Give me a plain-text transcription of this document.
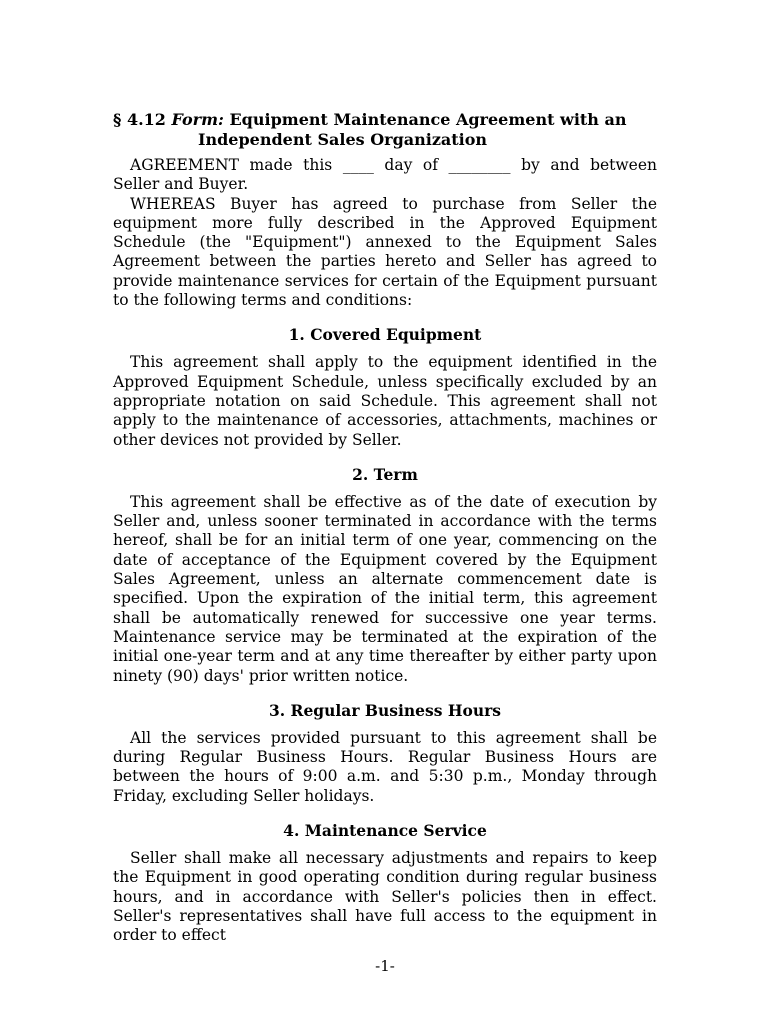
§ 4.12 Form: Equipment Maintenance Agreement with an Independent Sales Organization

AGREEMENT made this ____ day of ________ by and between Seller and Buyer.

WHEREAS Buyer has agreed to purchase from Seller the equipment more fully described in the Approved Equipment Schedule (the "Equipment") annexed to the Equipment Sales Agreement between the parties hereto and Seller has agreed to provide maintenance services for certain of the Equipment pursuant to the following terms and conditions:

1. Covered Equipment

This agreement shall apply to the equipment identified in the Approved Equipment Schedule, unless specifically excluded by an appropriate notation on said Schedule. This agreement shall not apply to the maintenance of accessories, attachments, machines or other devices not provided by Seller.

2. Term

This agreement shall be effective as of the date of execution by Seller and, unless sooner terminated in accordance with the terms hereof, shall be for an initial term of one year, commencing on the date of acceptance of the Equipment covered by the Equipment Sales Agreement, unless an alternate commencement date is specified. Upon the expiration of the initial term, this agreement shall be automatically renewed for successive one year terms. Maintenance service may be terminated at the expiration of the initial one-year term and at any time thereafter by either party upon ninety (90) days' prior written notice.

3. Regular Business Hours

All the services provided pursuant to this agreement shall be during Regular Business Hours. Regular Business Hours are between the hours of 9:00 a.m. and 5:30 p.m., Monday through Friday, excluding Seller holidays.

4. Maintenance Service

Seller shall make all necessary adjustments and repairs to keep the Equipment in good operating condition during regular business hours, and in accordance with Seller's policies then in effect. Seller's representatives shall have full access to the equipment in order to effect

-1-
